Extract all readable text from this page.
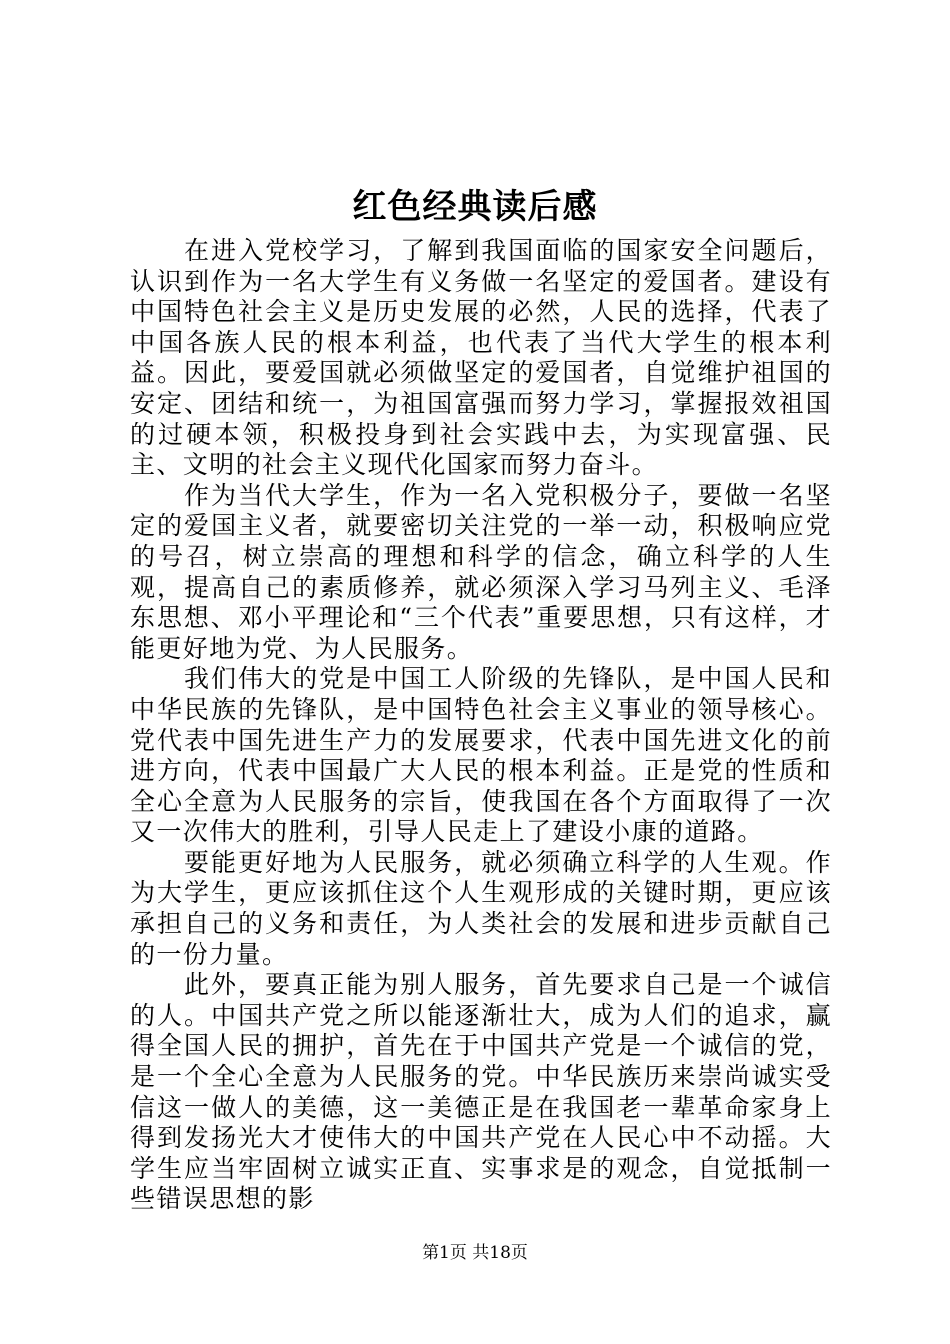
红色经典读后感

在进入党校学习，了解到我国面临的国家安全问题后，认识到作为一名大学生有义务做一名坚定的爱国者。建设有中国特色社会主义是历史发展的必然，人民的选择，代表了中国各族人民的根本利益，也代表了当代大学生的根本利益。因此，要爱国就必须做坚定的爱国者，自觉维护祖国的安定、团结和统一，为祖国富强而努力学习，掌握报效祖国的过硬本领，积极投身到社会实践中去，为实现富强、民主、文明的社会主义现代化国家而努力奋斗。

作为当代大学生，作为一名入党积极分子，要做一名坚定的爱国主义者，就要密切关注党的一举一动，积极响应党的号召，树立崇高的理想和科学的信念，确立科学的人生观，提高自己的素质修养，就必须深入学习马列主义、毛泽东思想、邓小平理论和“三个代表”重要思想，只有这样，才能更好地为党、为人民服务。

我们伟大的党是中国工人阶级的先锋队，是中国人民和中华民族的先锋队，是中国特色社会主义事业的领导核心。党代表中国先进生产力的发展要求，代表中国先进文化的前进方向，代表中国最广大人民的根本利益。正是党的性质和全心全意为人民服务的宗旨，使我国在各个方面取得了一次又一次伟大的胜利，引导人民走上了建设小康的道路。

要能更好地为人民服务，就必须确立科学的人生观。作为大学生，更应该抓住这个人生观形成的关键时期，更应该承担自己的义务和责任，为人类社会的发展和进步贡献自己的一份力量。

此外，要真正能为别人服务，首先要求自己是一个诚信的人。中国共产党之所以能逐渐壮大，成为人们的追求，赢得全国人民的拥护，首先在于中国共产党是一个诚信的党，是一个全心全意为人民服务的党。中华民族历来崇尚诚实受信这一做人的美德，这一美德正是在我国老一辈革命家身上得到发扬光大才使伟大的中国共产党在人民心中不动摇。大学生应当牢固树立诚实正直、实事求是的观念，自觉抵制一些错误思想的影

第1页 共18页
